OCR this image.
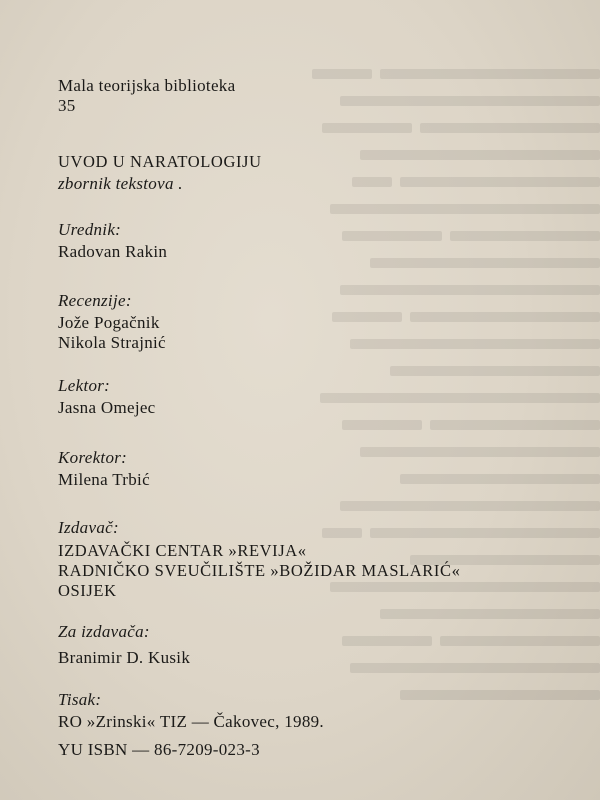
Mala teorijska biblioteka
35
UVOD U NARATOLOGIJU
zbornik tekstova .
Urednik:
Radovan Rakin
Recenzije:
Jože Pogačnik
Nikola Strajnić
Lektor:
Jasna Omejec
Korektor:
Milena Trbić
Izdavač:
IZDAVAČKI CENTAR »REVIJA«
RADNIČKO SVEUČILIŠTE »BOŽIDAR MASLARIĆ«
OSIJEK
Za izdavača:
Branimir D. Kusik
Tisak:
RO »Zrinski« TIZ — Čakovec, 1989.
YU ISBN — 86-7209-023-3
